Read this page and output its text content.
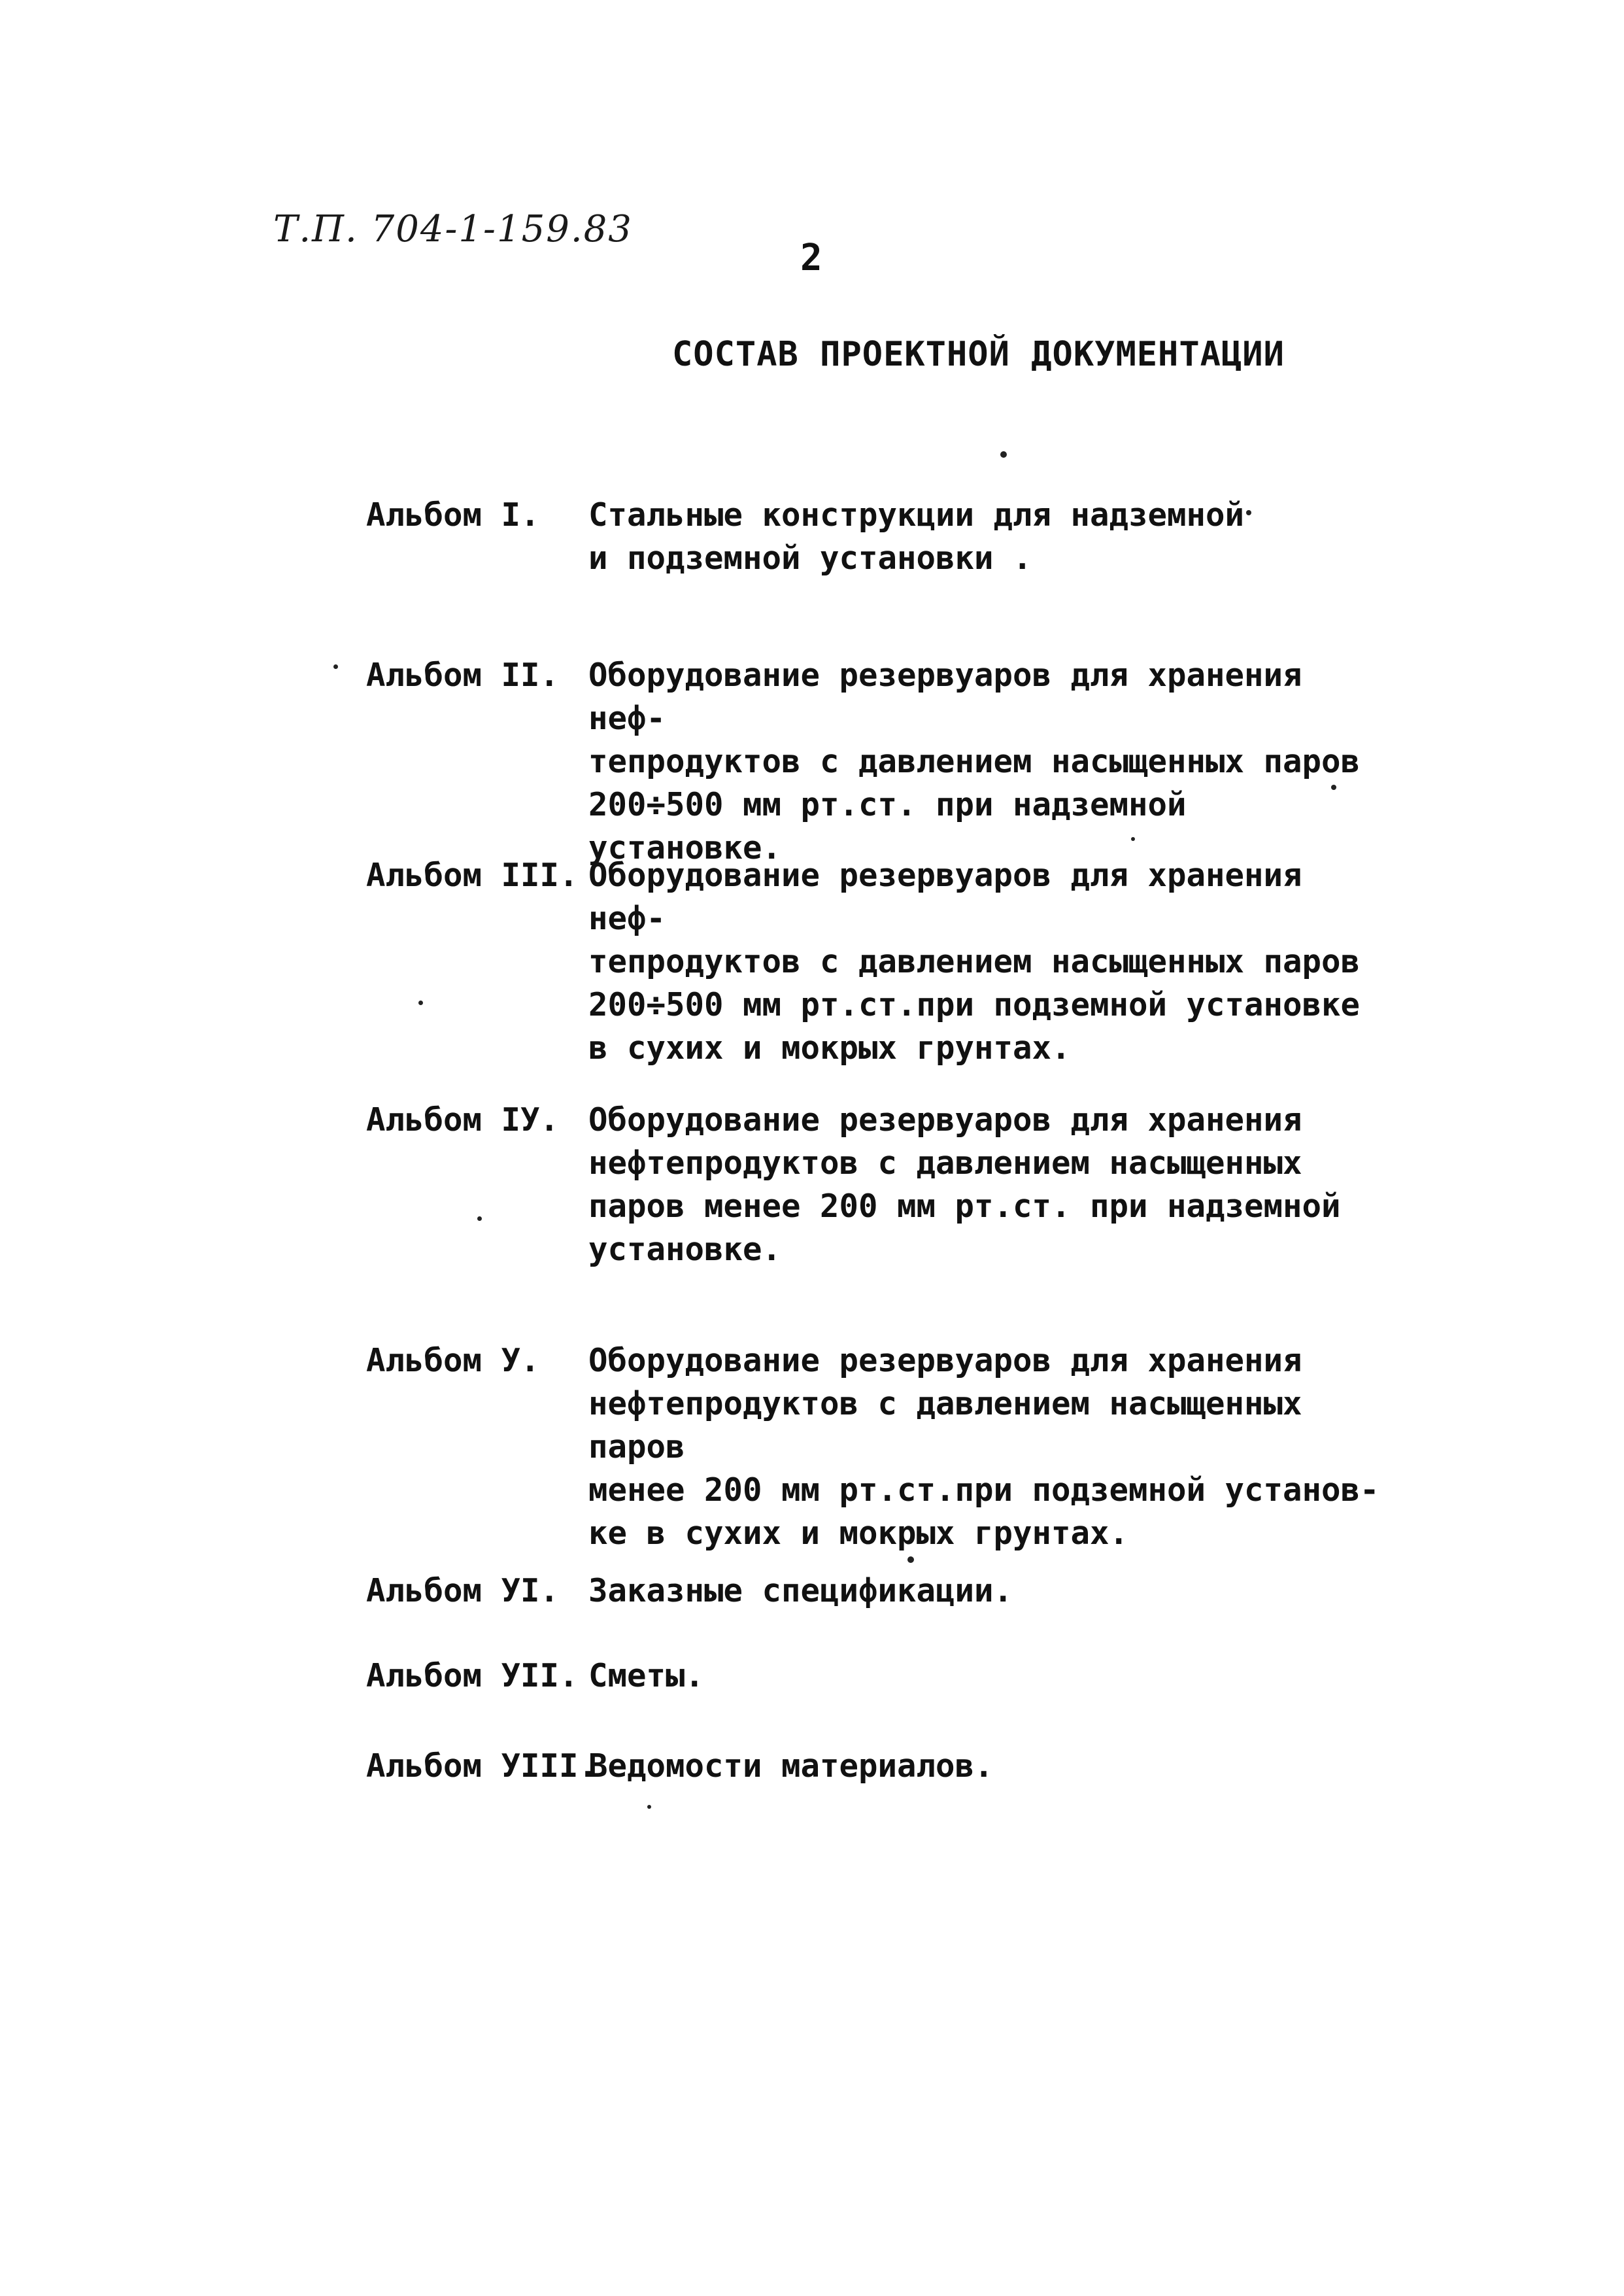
Т.П. 704-1-159.83
2
СОСТАВ ПРОЕКТНОЙ ДОКУМЕНТАЦИИ
Альбом I.	Стальные конструкции для надземной
и подземной установки .
Альбом II. Оборудование резервуаров для хранения неф-
тепродуктов с давлением насыщенных паров
200÷500 мм рт.ст. при надземной установке.
Альбом III. Оборудование резервуаров для хранения неф-
тепродуктов с давлением насыщенных паров
200÷500 мм рт.ст.при подземной установке
в сухих и мокрых грунтах.
Альбом IУ. Оборудование резервуаров для хранения
нефтепродуктов с давлением насыщенных
паров менее 200 мм рт.ст. при надземной
установке.
Альбом У.	Оборудование резервуаров для хранения
нефтепродуктов с давлением насыщенных паров
менее 200 мм рт.ст.при подземной установ-
ке в сухих и мокрых грунтах.
Альбом УI. Заказные спецификации.
Альбом УII. Сметы.
Альбом УIII.
Ведомости материалов.
